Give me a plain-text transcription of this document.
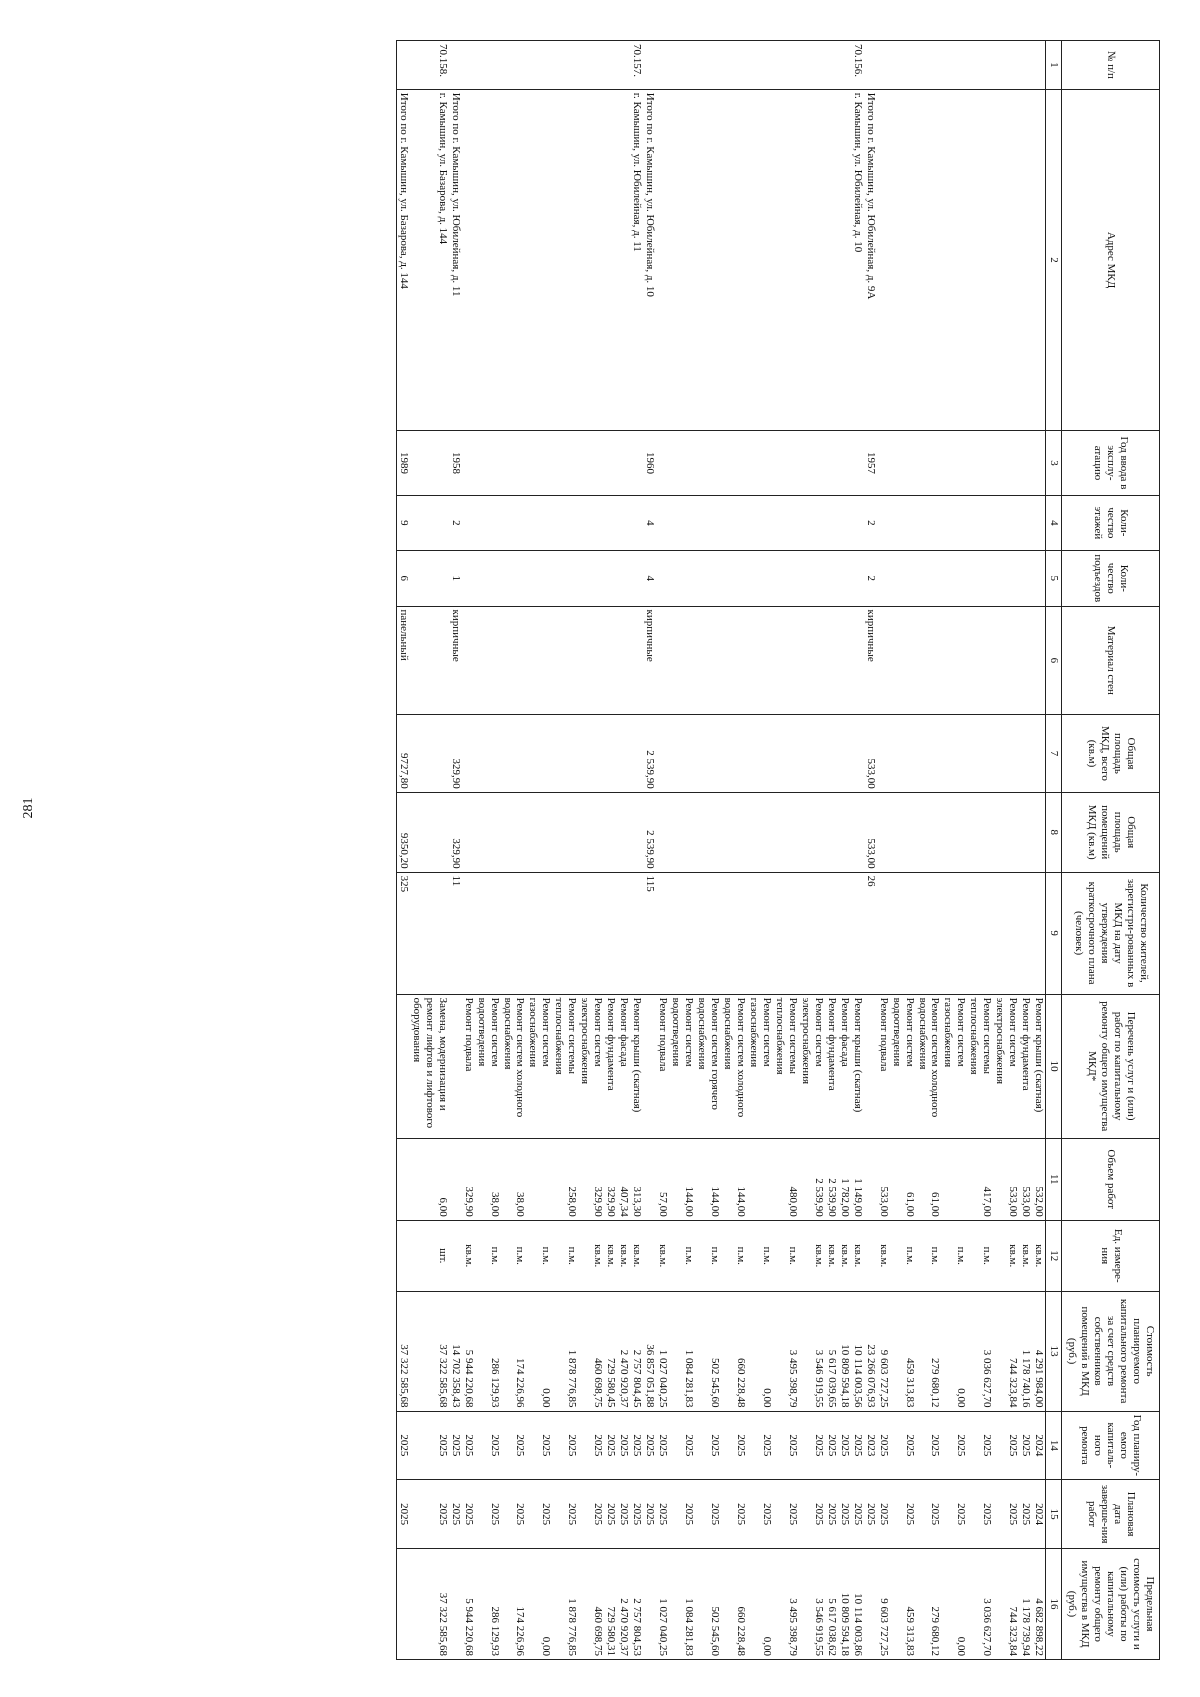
281
№ п/п	Адрес МКД	Год ввода в эксплу-атацию	Коли-чество этажей	Коли-чество подъездов	Материал стен	Общая площадь МКД, всего (кв.м)	Общая площадь помещений МКД (кв.м)	Количество жителей, зарегистри-рованных в МКД на дату утверждения краткосрочного плана (человек)	Перечень услуг и (или) работ по капитальному ремонту общего имущества МКД*	Объем работ	Ед. измере-ния	Стоимость планируемого капитального ремонта за счет средств собственников помещений в МКД (руб.)	Год планиру-емого капиталь-ного ремонта	Плановая дата заверше-ния работ	Предельная стоимость услуги и (или) работы по капитальному ремонту общего имущества в МКД (руб.)
1	2	3	4	5	6	7	8	9	10	11	12	13	14	15	16
									Ремонт крыши (скатная)	532,00	кв.м.	4 291 984,00	2024	2024	4 682 898,22
									Ремонт фундамента	533,00	кв.м.	1 178 740,16	2025	2025	1 178 739,94
									Ремонт систем электроснабжения	533,00	кв.м.	744 323,84	2025	2025	744 323,84
									Ремонт системы теплоснабжения	417,00	п.м.	3 036 627,70	2025	2025	3 036 627,70
									Ремонт систем газоснабжения		п.м.	0,00	2025	2025	0,00
									Ремонт систем холодного водоснабжения	61,00	п.м.	279 680,12	2025	2025	279 680,12
									Ремонт систем водоотведения	61,00	п.м.	459 313,83	2025	2025	459 313,83
									Ремонт подвала	533,00	кв.м.	9 603 727,25	2025	2025	9 603 727,25
	Итого по г. Камышин, ул. Юбилейная, д. 9А	1957	2	2	кирпичные	533,00	533,00	26				23 266 076,93	2023	2025	
70.156.	г. Камышин, ул. Юбилейная, д. 10								Ремонт крыши (скатная)	1 149,00	кв.м.	10 114 003,56	2025	2025	10 114 003,86
									Ремонт фасада	1 782,00	кв.м.	10 809 594,18	2025	2025	10 809 594,18
									Ремонт фундамента	2 539,90	кв.м.	5 617 039,65	2025	2025	5 617 038,62
									Ремонт систем электроснабжения	2 539,90	кв.м.	3 546 919,55	2025	2025	3 546 919,55
									Ремонт системы теплоснабжения	480,00	п.м.	3 495 398,79	2025	2025	3 495 398,79
									Ремонт систем газоснабжения		п.м.	0,00	2025	2025	0,00
									Ремонт систем холодного водоснабжения	144,00	п.м.	660 228,48	2025	2025	660 228,48
									Ремонт систем горячего водоснабжения	144,00	п.м.	502 545,60	2025	2025	502 545,60
									Ремонт систем водоотведения	144,00	п.м.	1 084 281,83	2025	2025	1 084 281,83
									Ремонт подвала	57,00	кв.м.	1 027 040,25	2025	2025	1 027 040,25
	Итого по г. Камышин, ул. Юбилейная, д. 10	1960	4	4	кирпичные	2 539,90	2 539,90	115				36 857 051,88	2025	2025	
70.157.	г. Камышин, ул. Юбилейная, д. 11								Ремонт крыши (скатная)	313,30	кв.м.	2 757 804,45	2025	2025	2 757 804,53
									Ремонт фасада	407,34	кв.м.	2 470 920,37	2025	2025	2 470 920,37
									Ремонт фундамента	329,90	кв.м.	729 580,45	2025	2025	729 580,31
									Ремонт систем электроснабжения	329,90	кв.м.	460 698,75	2025	2025	460 698,75
									Ремонт системы теплоснабжения	258,00	п.м.	1 878 776,85	2025	2025	1 878 776,85
									Ремонт систем газоснабжения		п.м.	0,00	2025	2025	0,00
									Ремонт систем холодного водоснабжения	38,00	п.м.	174 226,96	2025	2025	174 226,96
									Ремонт систем водоотведения	38,00	п.м.	286 129,93	2025	2025	286 129,93
									Ремонт подвала	329,90	кв.м.	5 944 220,68	2025	2025	5 944 220,68
	Итого по г. Камышин, ул. Юбилейная, д. 11	1958	2	1	кирпичные	329,90	329,90	11				14 702 358,43	2025	2025	
70.158.	г. Камышин, ул. Базарова, д. 144								Замена, модернизация и ремонт лифтов и лифтового оборудования	6,00	шт.	37 322 585,68	2025	2025	37 322 585,68
	Итого по г. Камышин, ул. Базарова, д. 144	1989	9	6	панельный	9727,80	9350,20	325				37 322 585,68	2025	2025	
